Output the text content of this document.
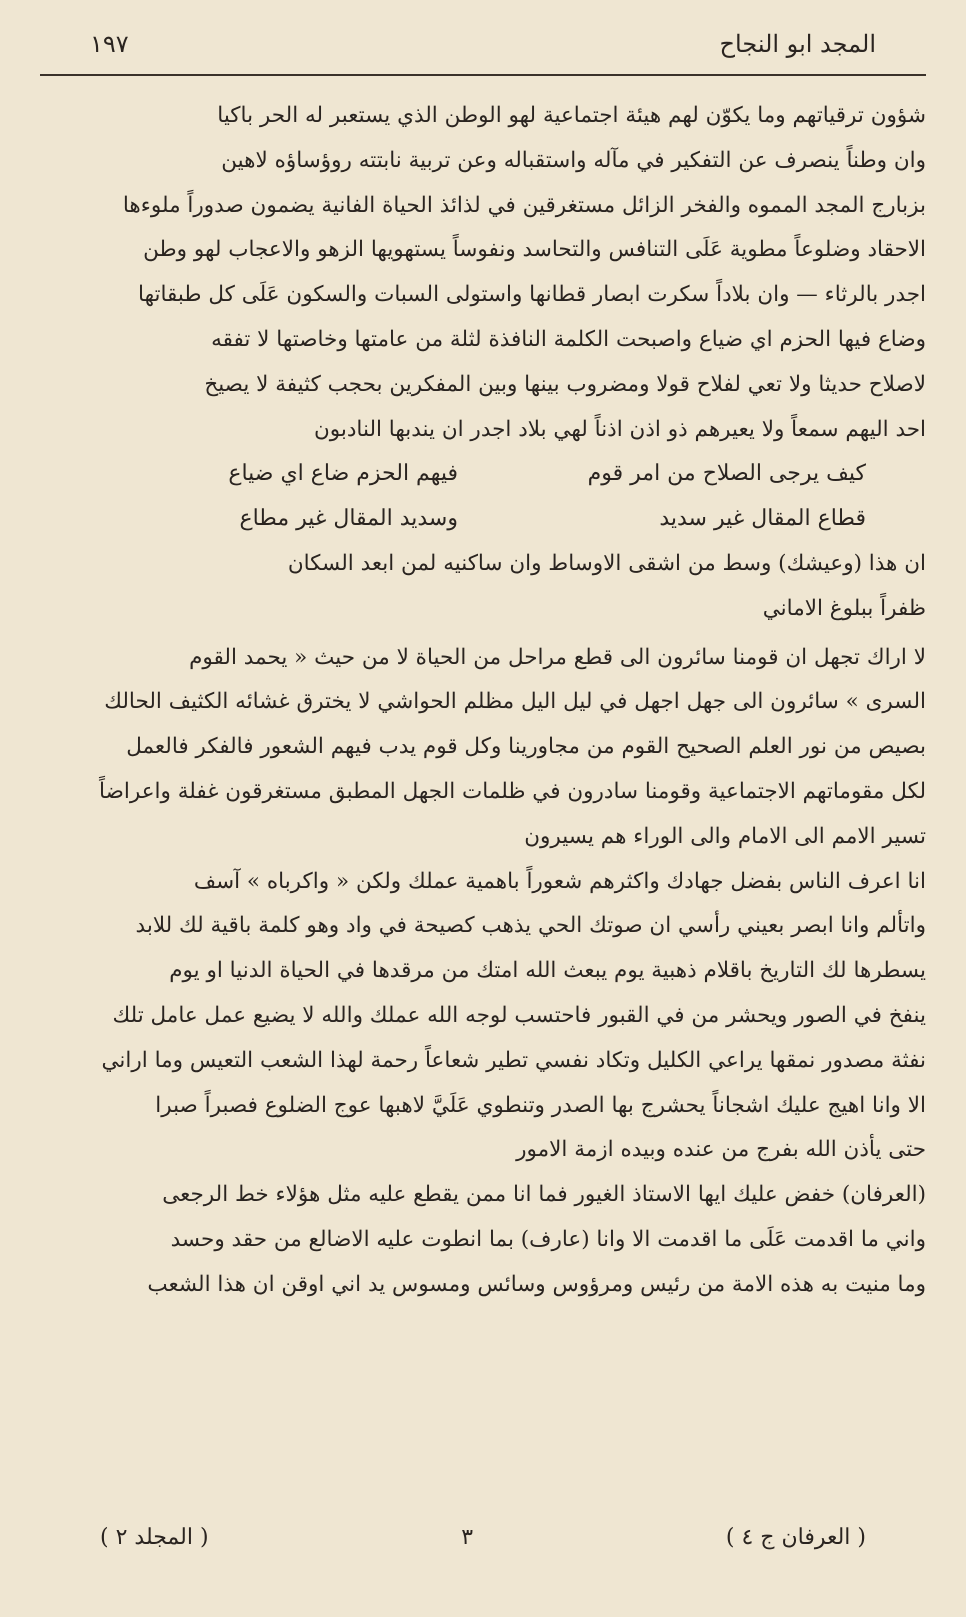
المجد ابو النجاح
١٩٧

شؤون ترقياتهم وما يكوّن لهم هيئة اجتماعية لهو الوطن الذي يستعبر له الحر باكيا

وان وطناً ينصرف عن التفكير في مآله واستقباله وعن تربية نابتته روؤساؤه لاهين

بزبارج المجد المموه والفخر الزائل مستغرقين في لذائذ الحياة الفانية يضمون صدوراً ملوءها

الاحقاد وضلوعاً مطوية عَلَى التنافس والتحاسد ونفوساً يستهويها الزهو والاعجاب لهو وطن

اجدر بالرثاء — وان بلاداً سكرت ابصار قطانها واستولى السبات والسكون عَلَى كل طبقاتها

وضاع فيها الحزم اي ضياع واصبحت الكلمة النافذة لثلة من عامتها وخاصتها لا تفقه

لاصلاح حديثا ولا تعي لفلاح قولا ومضروب بينها وبين المفكرين بحجب كثيفة لا يصيخ

احد اليهم سمعاً ولا يعيرهم ذو اذن اذناً لهي بلاد اجدر ان يندبها النادبون

كيف يرجى الصلاح من امر قوم
فيهم الحزم ضاع اي ضياع
قطاع المقال غير سديد
وسديد المقال غير مطاع

ان هذا (وعيشك) وسط من اشقى الاوساط وان ساكنيه لمن ابعد السكان

ظفراً ببلوغ الاماني

لا اراك تجهل ان قومنا سائرون الى قطع مراحل من الحياة لا من حيث « يحمد القوم

السرى » سائرون الى جهل اجهل في ليل اليل مظلم الحواشي لا يخترق غشائه الكثيف الحالك

بصيص من نور العلم الصحيح القوم من مجاورينا وكل قوم يدب فيهم الشعور فالفكر فالعمل

لكل مقوماتهم الاجتماعية وقومنا سادرون في ظلمات الجهل المطبق مستغرقون غفلة واعراضاً

تسير الامم الى الامام والى الوراء هم يسيرون

انا اعرف الناس بفضل جهادك واكثرهم شعوراً باهمية عملك ولكن « واكرباه » آسف

واتألم وانا ابصر بعيني رأسي ان صوتك الحي يذهب كصيحة في واد وهو كلمة باقية لك للابد

يسطرها لك التاريخ باقلام ذهبية يوم يبعث الله امتك من مرقدها في الحياة الدنيا او يوم

ينفخ في الصور ويحشر من في القبور فاحتسب لوجه الله عملك والله لا يضيع عمل عامل تلك

نفثة مصدور نمقها يراعي الكليل وتكاد نفسي تطير شعاعاً رحمة لهذا الشعب التعيس وما اراني

الا وانا اهيج عليك اشجاناً يحشرج بها الصدر وتنطوي عَلَيَّ لاهبها عوج الضلوع فصبراً صبرا

حتى يأذن الله بفرج من عنده وبيده ازمة الامور

(العرفان) خفض عليك ايها الاستاذ الغيور فما انا ممن يقطع عليه مثل هؤلاء خط الرجعى

واني ما اقدمت عَلَى ما اقدمت الا وانا (عارف) بما انطوت عليه الاضالع من حقد وحسد

وما منيت به هذه الامة من رئيس ومرؤوس وسائس ومسوس يد اني اوقن ان هذا الشعب

( العرفان ج ٤ )
٣
( المجلد ٢ )
